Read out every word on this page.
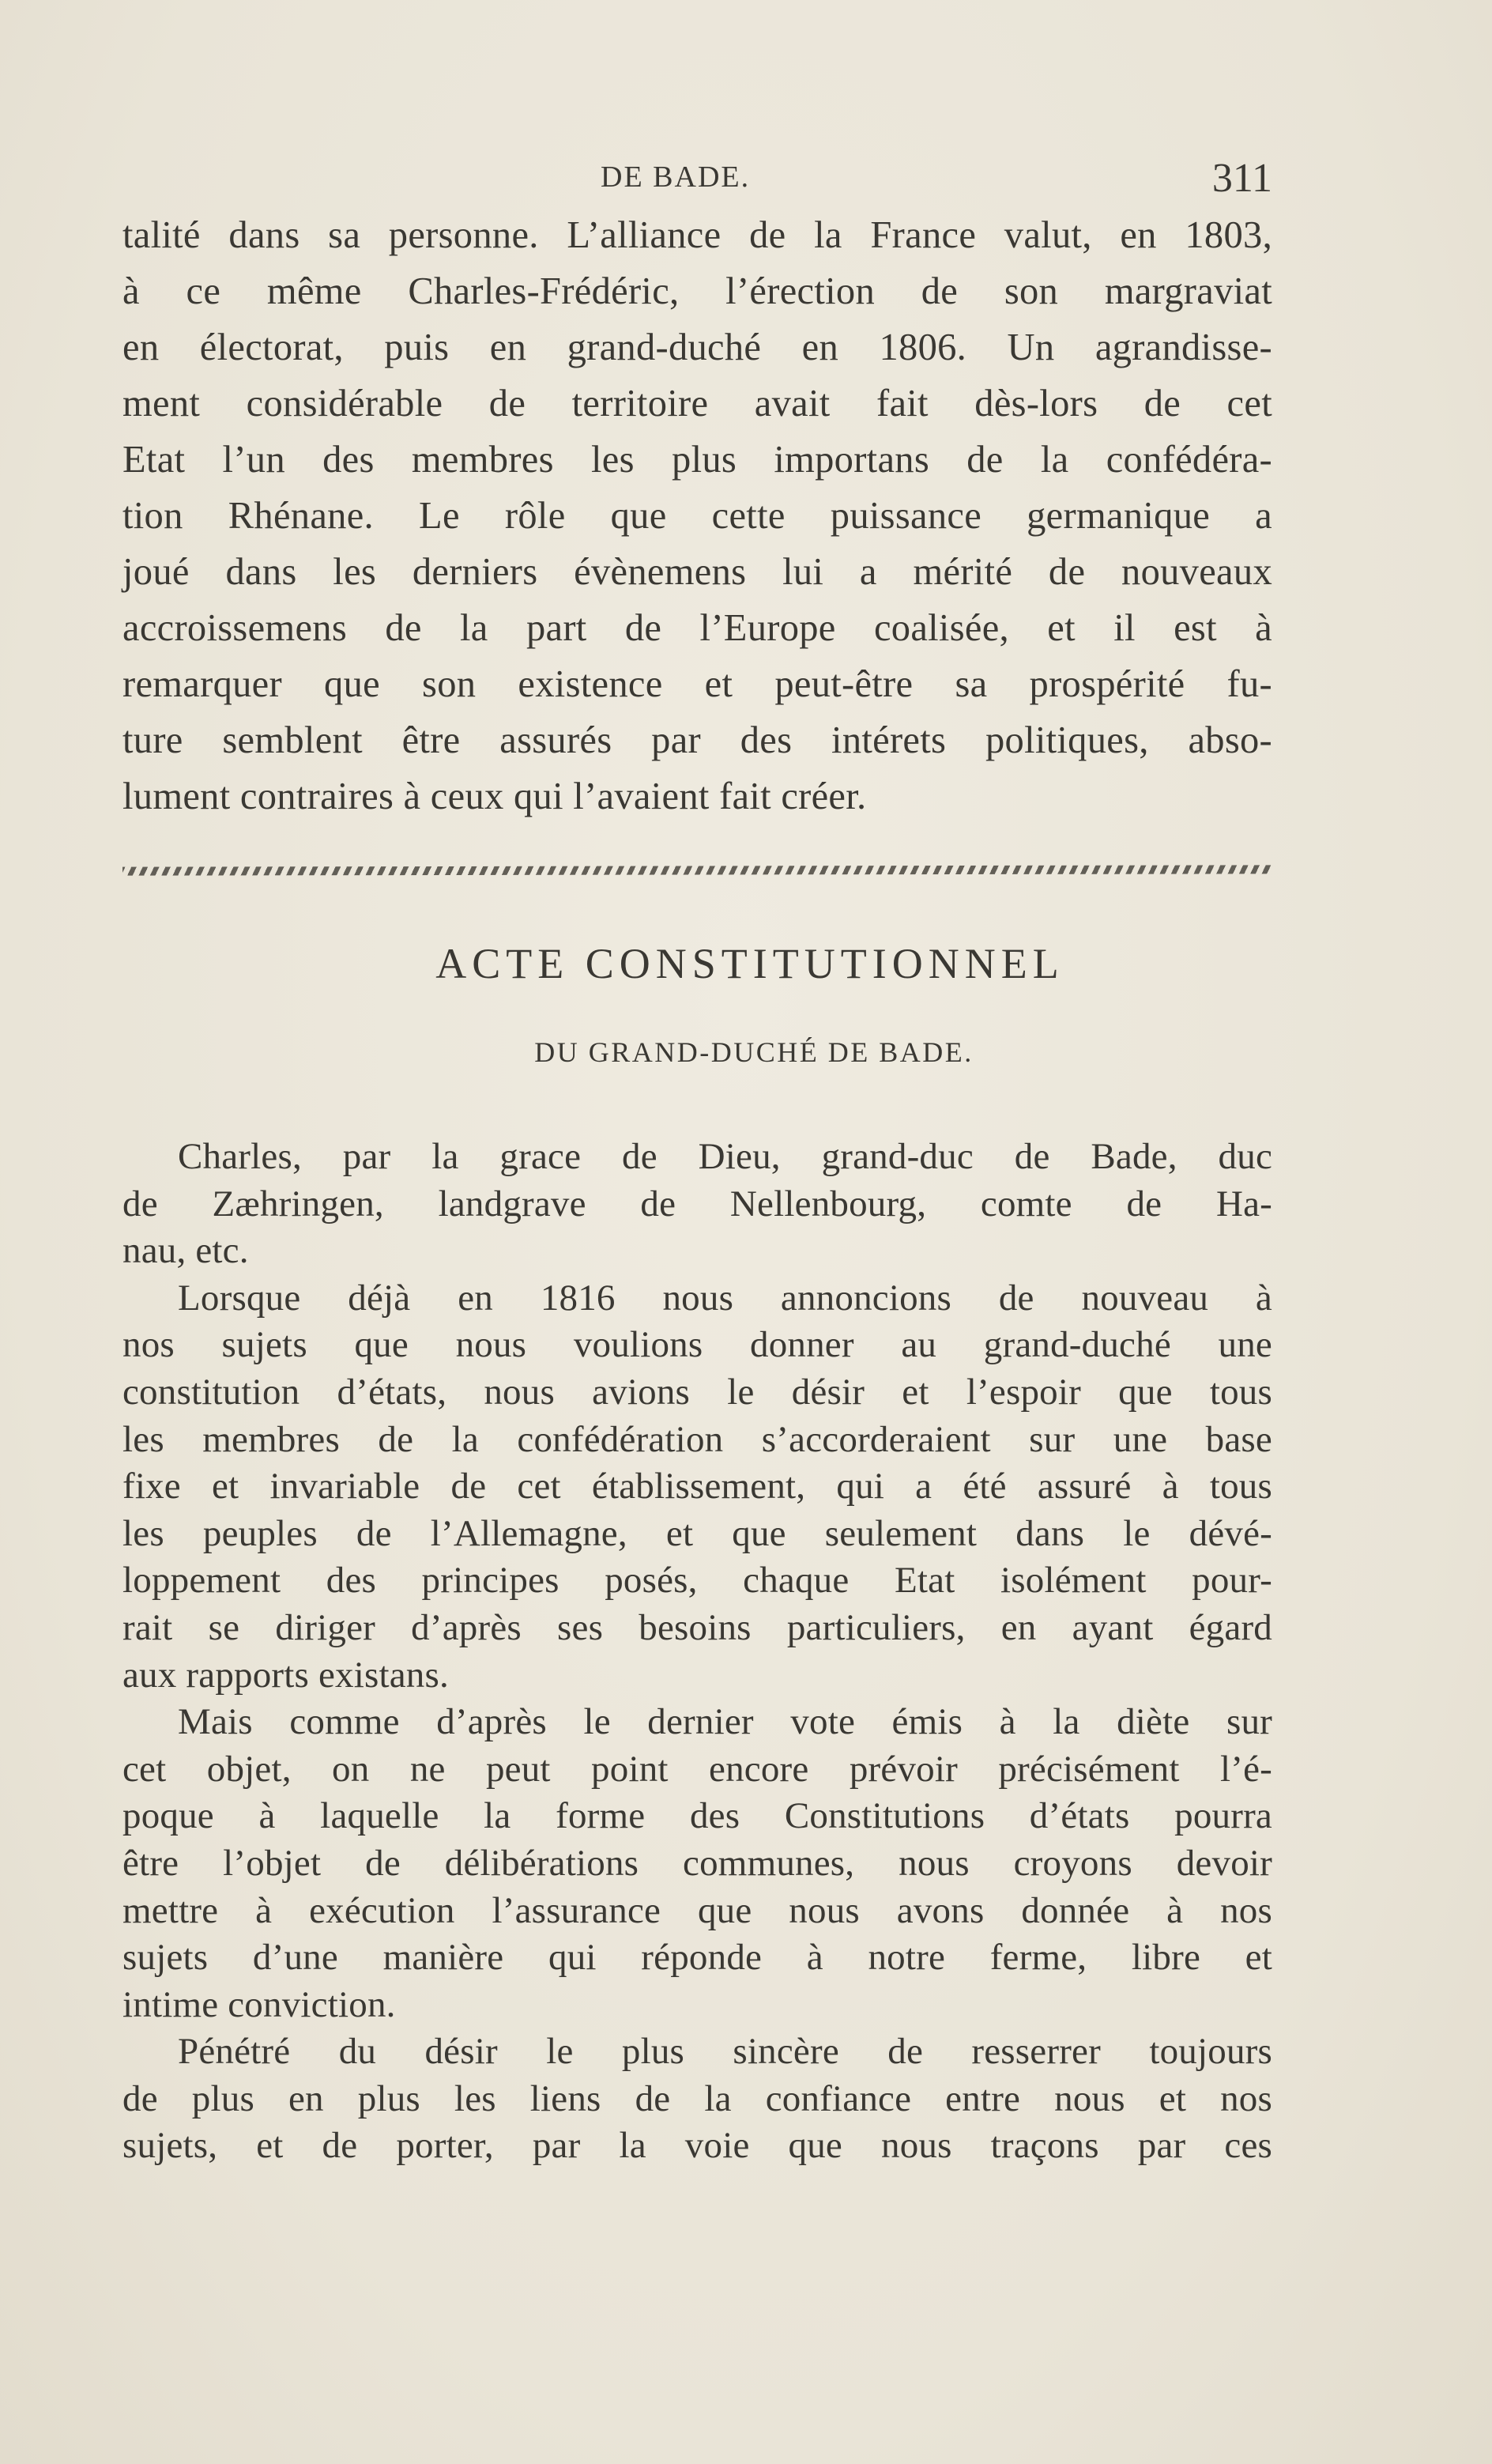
DE BADE.	311
talité dans sa personne. L’alliance de la France valut, en 1803,
à ce même Charles-Frédéric, l’érection de son margraviat
en électorat, puis en grand-duché en 1806. Un agrandisse-
ment considérable de territoire avait fait dès-lors de cet
Etat l’un des membres les plus importans de la confédéra-
tion Rhénane. Le rôle que cette puissance germanique a
joué dans les derniers évènemens lui a mérité de nouveaux
accroissemens de la part de l’Europe coalisée, et il est à
remarquer que son existence et peut-être sa prospérité fu-
ture semblent être assurés par des intérets politiques, abso-
lument contraires à ceux qui l’avaient fait créer.
ACTE CONSTITUTIONNEL
DU GRAND-DUCHÉ DE BADE.
Charles, par la grace de Dieu, grand-duc de Bade, duc
de Zæhringen, landgrave de Nellenbourg, comte de Ha-
nau, etc.
Lorsque déjà en 1816 nous annoncions de nouveau à
nos sujets que nous voulions donner au grand-duché une
constitution d’états, nous avions le désir et l’espoir que tous
les membres de la confédération s’accorderaient sur une base
fixe et invariable de cet établissement, qui a été assuré à tous
les peuples de l’Allemagne, et que seulement dans le dévé-
loppement des principes posés, chaque Etat isolément pour-
rait se diriger d’après ses besoins particuliers, en ayant égard
aux rapports existans.
Mais comme d’après le dernier vote émis à la diète sur
cet objet, on ne peut point encore prévoir précisément l’é-
poque à laquelle la forme des Constitutions d’états pourra
être l’objet de délibérations communes, nous croyons devoir
mettre à exécution l’assurance que nous avons donnée à nos
sujets d’une manière qui réponde à notre ferme, libre et
intime conviction.
Pénétré du désir le plus sincère de resserrer toujours
de plus en plus les liens de la confiance entre nous et nos
sujets, et de porter, par la voie que nous traçons par ces
